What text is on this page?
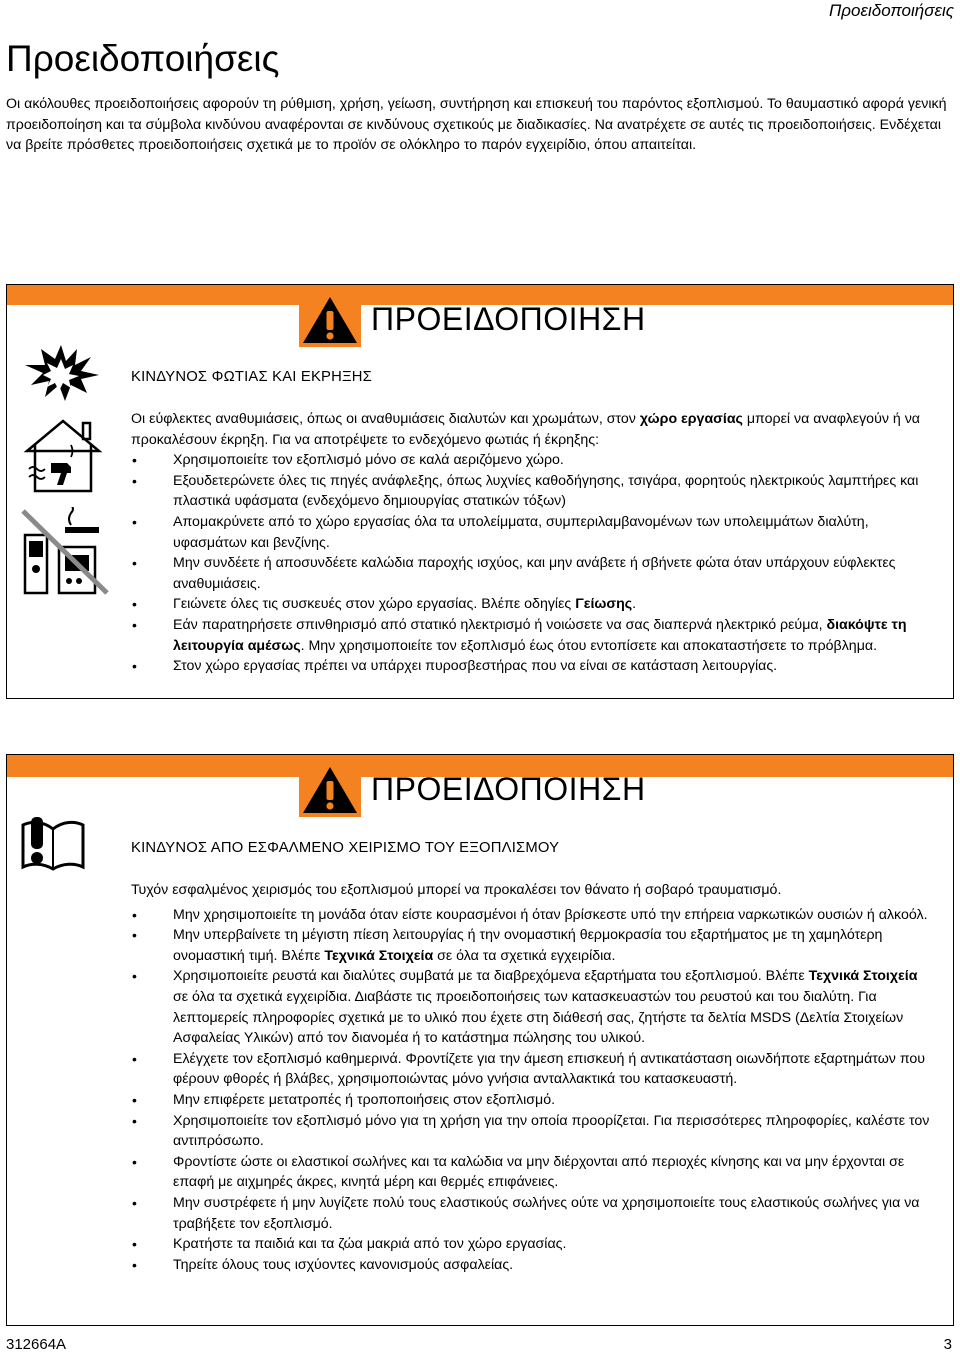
Προειδοποιήσεις
Προειδοποιήσεις

Οι ακόλουθες προειδοποιήσεις αφορούν τη ρύθμιση, χρήση, γείωση, συντήρηση και επισκευή του παρόντος εξοπλισμού. Το θαυμαστικό αφορά γενική προειδοποίηση και τα σύμβολα κινδύνου αναφέρονται σε κινδύνους σχετικούς με διαδικασίες. Να ανατρέχετε σε αυτές τις προειδοποιήσεις. Ενδέχεται να βρείτε πρόσθετες προειδοποιήσεις σχετικά με το προϊόν σε ολόκληρο το παρόν εγχειρίδιο, όπου απαιτείται.

ΠΡΟΕΙΔΟΠΟΙΗΣΗ
ΚΙΝΔΥΝΟΣ ΦΩΤΙΑΣ ΚΑΙ ΕΚΡΗΞΗΣ

Οι εύφλεκτες αναθυμιάσεις, όπως οι αναθυμιάσεις διαλυτών και χρωμάτων, στον χώρο εργασίας μπορεί να αναφλεγούν ή να προκαλέσουν έκρηξη. Για να αποτρέψετε το ενδεχόμενο φωτιάς ή έκρηξης:

• Χρησιμοποιείτε τον εξοπλισμό μόνο σε καλά αεριζόμενο χώρο.
• Εξουδετερώνετε όλες τις πηγές ανάφλεξης, όπως λυχνίες καθοδήγησης, τσιγάρα, φορητούς ηλεκτρικούς λαμπτήρες και πλαστικά υφάσματα (ενδεχόμενο δημιουργίας στατικών τόξων)
• Απομακρύνετε από το χώρο εργασίας όλα τα υπολείμματα, συμπεριλαμβανομένων των υπολειμμάτων διαλύτη, υφασμάτων και βενζίνης.
• Μην συνδέετε ή αποσυνδέετε καλώδια παροχής ισχύος, και μην ανάβετε ή σβήνετε φώτα όταν υπάρχουν εύφλεκτες αναθυμιάσεις.
• Γειώνετε όλες τις συσκευές στον χώρο εργασίας. Βλέπε οδηγίες Γείωσης.
• Εάν παρατηρήσετε σπινθηρισμό από στατικό ηλεκτρισμό ή νοιώσετε να σας διαπερνά ηλεκτρικό ρεύμα, διακόψτε τη λειτουργία αμέσως. Μην χρησιμοποιείτε τον εξοπλισμό έως ότου εντοπίσετε και αποκαταστήσετε το πρόβλημα.
• Στον χώρο εργασίας πρέπει να υπάρχει πυροσβεστήρας που να είναι σε κατάσταση λειτουργίας.
ΠΡΟΕΙΔΟΠΟΙΗΣΗ
ΚΙΝΔΥΝΟΣ ΑΠΟ ΕΣΦΑΛΜΕΝΟ ΧΕΙΡΙΣΜΟ ΤΟΥ ΕΞΟΠΛΙΣΜΟΥ

Τυχόν εσφαλμένος χειρισμός του εξοπλισμού μπορεί να προκαλέσει τον θάνατο ή σοβαρό τραυματισμό.

• Μην χρησιμοποιείτε τη μονάδα όταν είστε κουρασμένοι ή όταν βρίσκεστε υπό την επήρεια ναρκωτικών ουσιών ή αλκοόλ.
• Μην υπερβαίνετε τη μέγιστη πίεση λειτουργίας ή την ονομαστική θερμοκρασία του εξαρτήματος με τη χαμηλότερη ονομαστική τιμή. Βλέπε Τεχνικά Στοιχεία σε όλα τα σχετικά εγχειρίδια.
• Χρησιμοποιείτε ρευστά και διαλύτες συμβατά με τα διαβρεχόμενα εξαρτήματα του εξοπλισμού. Βλέπε Τεχνικά Στοιχεία σε όλα τα σχετικά εγχειρίδια. Διαβάστε τις προειδοποιήσεις των κατασκευαστών του ρευστού και του διαλύτη. Για λεπτομερείς πληροφορίες σχετικά με το υλικό που έχετε στη διάθεσή σας, ζητήστε τα δελτία MSDS (Δελτία Στοιχείων Ασφαλείας Υλικών) από τον διανομέα ή το κατάστημα πώλησης του υλικού.
• Ελέγχετε τον εξοπλισμό καθημερινά. Φροντίζετε για την άμεση επισκευή ή αντικατάσταση οιωνδήποτε εξαρτημάτων που φέρουν φθορές ή βλάβες, χρησιμοποιώντας μόνο γνήσια ανταλλακτικά του κατασκευαστή.
• Μην επιφέρετε μετατροπές ή τροποποιήσεις στον εξοπλισμό.
• Χρησιμοποιείτε τον εξοπλισμό μόνο για τη χρήση για την οποία προορίζεται. Για περισσότερες πληροφορίες, καλέστε τον αντιπρόσωπο.
• Φροντίστε ώστε οι ελαστικοί σωλήνες και τα καλώδια να μην διέρχονται από περιοχές κίνησης και να μην έρχονται σε επαφή με αιχμηρές άκρες, κινητά μέρη και θερμές επιφάνειες.
• Μην συστρέφετε ή μην λυγίζετε πολύ τους ελαστικούς σωλήνες ούτε να χρησιμοποιείτε τους ελαστικούς σωλήνες για να τραβήξετε τον εξοπλισμό.
• Κρατήστε τα παιδιά και τα ζώα μακριά από τον χώρο εργασίας.
• Τηρείτε όλους τους ισχύοντες κανονισμούς ασφαλείας.
312664A	3
